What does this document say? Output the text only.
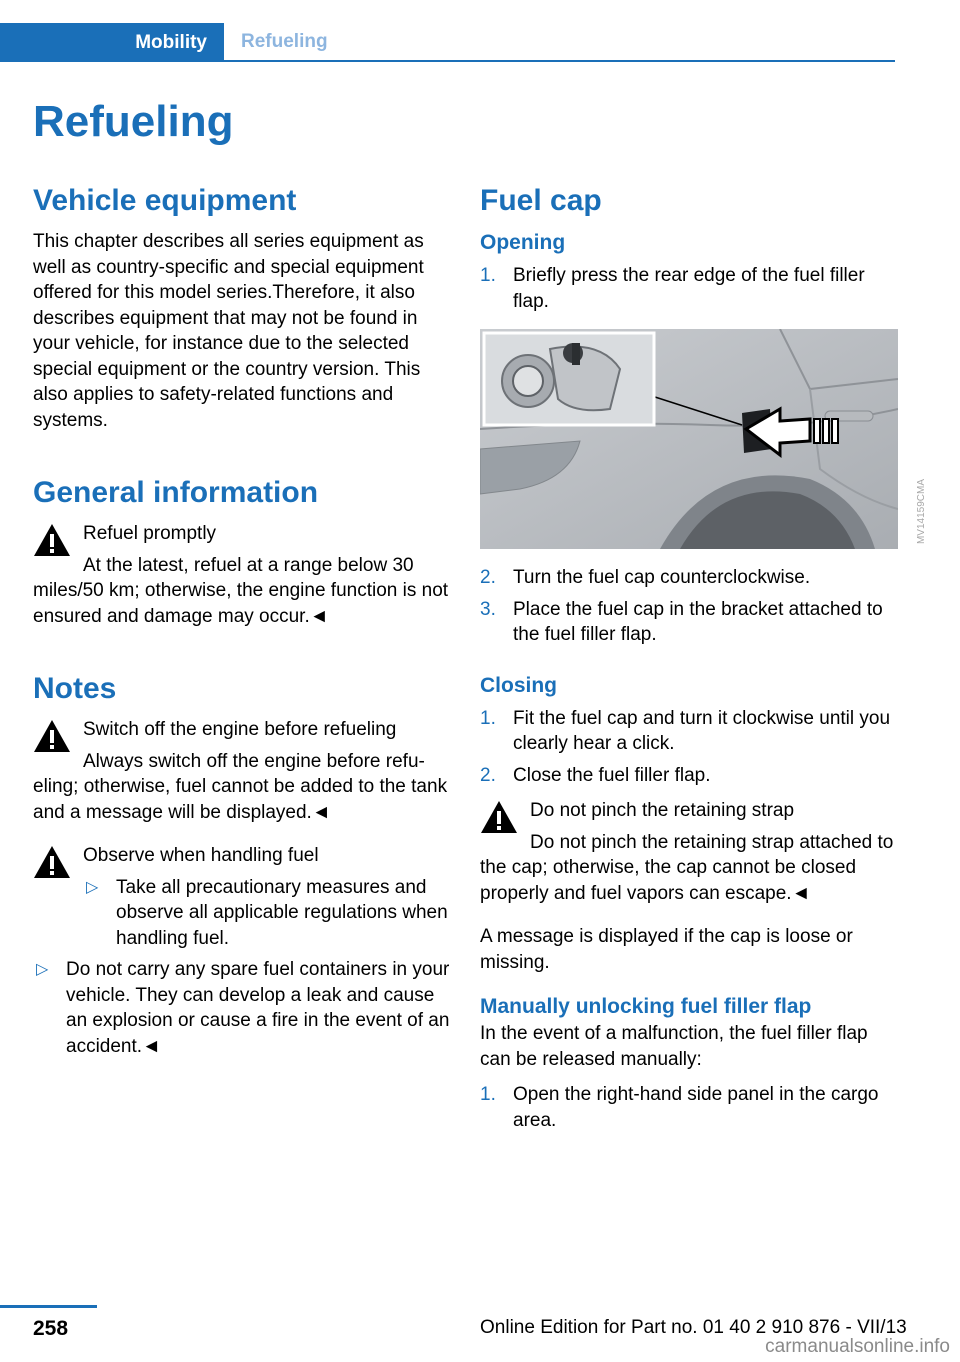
Mobility	Refueling
Refueling
Vehicle equipment

This chapter describes all series equipment as well as country-specific and special equipment offered for this model series.Therefore, it also describes equipment that may not be found in your vehicle, for instance due to the selected special equipment or the country version. This also applies to safety-related functions and systems.

General information
Refuel promptly
At the latest, refuel at a range below 30 miles/50 km; otherwise, the engine function is not ensured and damage may occur.◄
Notes
Switch off the engine before refueling
Always switch off the engine before refueling; otherwise, fuel cannot be added to the tank and a message will be displayed.◄
Observe when handling fuel
▷ Take all precautionary measures and observe all applicable regulations when handling fuel.
▷ Do not carry any spare fuel containers in your vehicle. They can develop a leak and cause an explosion or cause a fire in the event of an accident.◄
Fuel cap
Opening
1. Briefly press the rear edge of the fuel filler flap.
MV14159CMA
2. Turn the fuel cap counterclockwise.
3. Place the fuel cap in the bracket attached to the fuel filler flap.
Closing
1. Fit the fuel cap and turn it clockwise until you clearly hear a click.
2. Close the fuel filler flap.
Do not pinch the retaining strap
Do not pinch the retaining strap attached to the cap; otherwise, the cap cannot be closed properly and fuel vapors can escape.◄

A message is displayed if the cap is loose or missing.

Manually unlocking fuel filler flap

In the event of a malfunction, the fuel filler flap can be released manually:

1. Open the right-hand side panel in the cargo area.
258	Online Edition for Part no. 01 40 2 910 876 - VII/13
carmanualsonline.info
